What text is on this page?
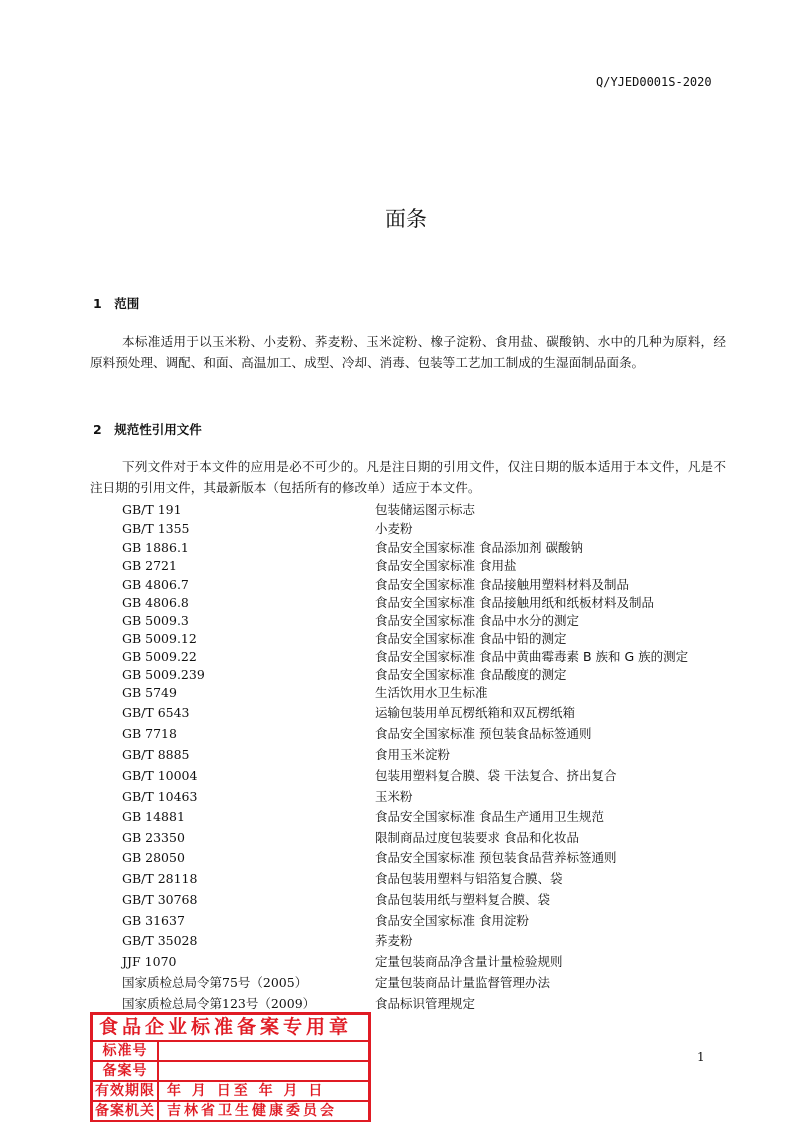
Q/YJED0001S-2020
面条
1　范围
本标准适用于以玉米粉、小麦粉、荞麦粉、玉米淀粉、橡子淀粉、食用盐、碳酸钠、水中的几种为原料，经原料预处理、调配、和面、高温加工、成型、冷却、消毒、包装等工艺加工制成的生湿面制品面条。
2　规范性引用文件
下列文件对于本文件的应用是必不可少的。凡是注日期的引用文件，仅注日期的版本适用于本文件，凡是不注日期的引用文件，其最新版本（包括所有的修改单）适应于本文件。
GB/T 191	包装储运图示标志
GB/T 1355	小麦粉
GB 1886.1	食品安全国家标准 食品添加剂 碳酸钠
GB 2721	食品安全国家标准 食用盐
GB 4806.7	食品安全国家标准 食品接触用塑料材料及制品
GB 4806.8	食品安全国家标准 食品接触用纸和纸板材料及制品
GB 5009.3	食品安全国家标准 食品中水分的测定
GB 5009.12	食品安全国家标准 食品中铅的测定
GB 5009.22	食品安全国家标准 食品中黄曲霉毒素 B 族和 G 族的测定
GB 5009.239	食品安全国家标准 食品酸度的测定
GB 5749	生活饮用水卫生标准
GB/T 6543	运输包装用单瓦楞纸箱和双瓦楞纸箱
GB 7718	食品安全国家标准 预包装食品标签通则
GB/T 8885	食用玉米淀粉
GB/T 10004	包装用塑料复合膜、袋 干法复合、挤出复合
GB/T 10463	玉米粉
GB 14881	食品安全国家标准 食品生产通用卫生规范
GB 23350	限制商品过度包装要求 食品和化妆品
GB 28050	食品安全国家标准 预包装食品营养标签通则
GB/T 28118	食品包装用塑料与铝箔复合膜、袋
GB/T 30768	食品包装用纸与塑料复合膜、袋
GB 31637	食品安全国家标准 食用淀粉
GB/T 35028	荞麦粉
JJF 1070	定量包装商品净含量计量检验规则
国家质检总局令第75号（2005）	定量包装商品计量监督管理办法
国家质检总局令第123号（2009）	食品标识管理规定
食品企业标准备案专用章
标准号
备案号
有效期限 年 月 日至 年 月 日
备案机关 吉林省卫生健康委员会
1
